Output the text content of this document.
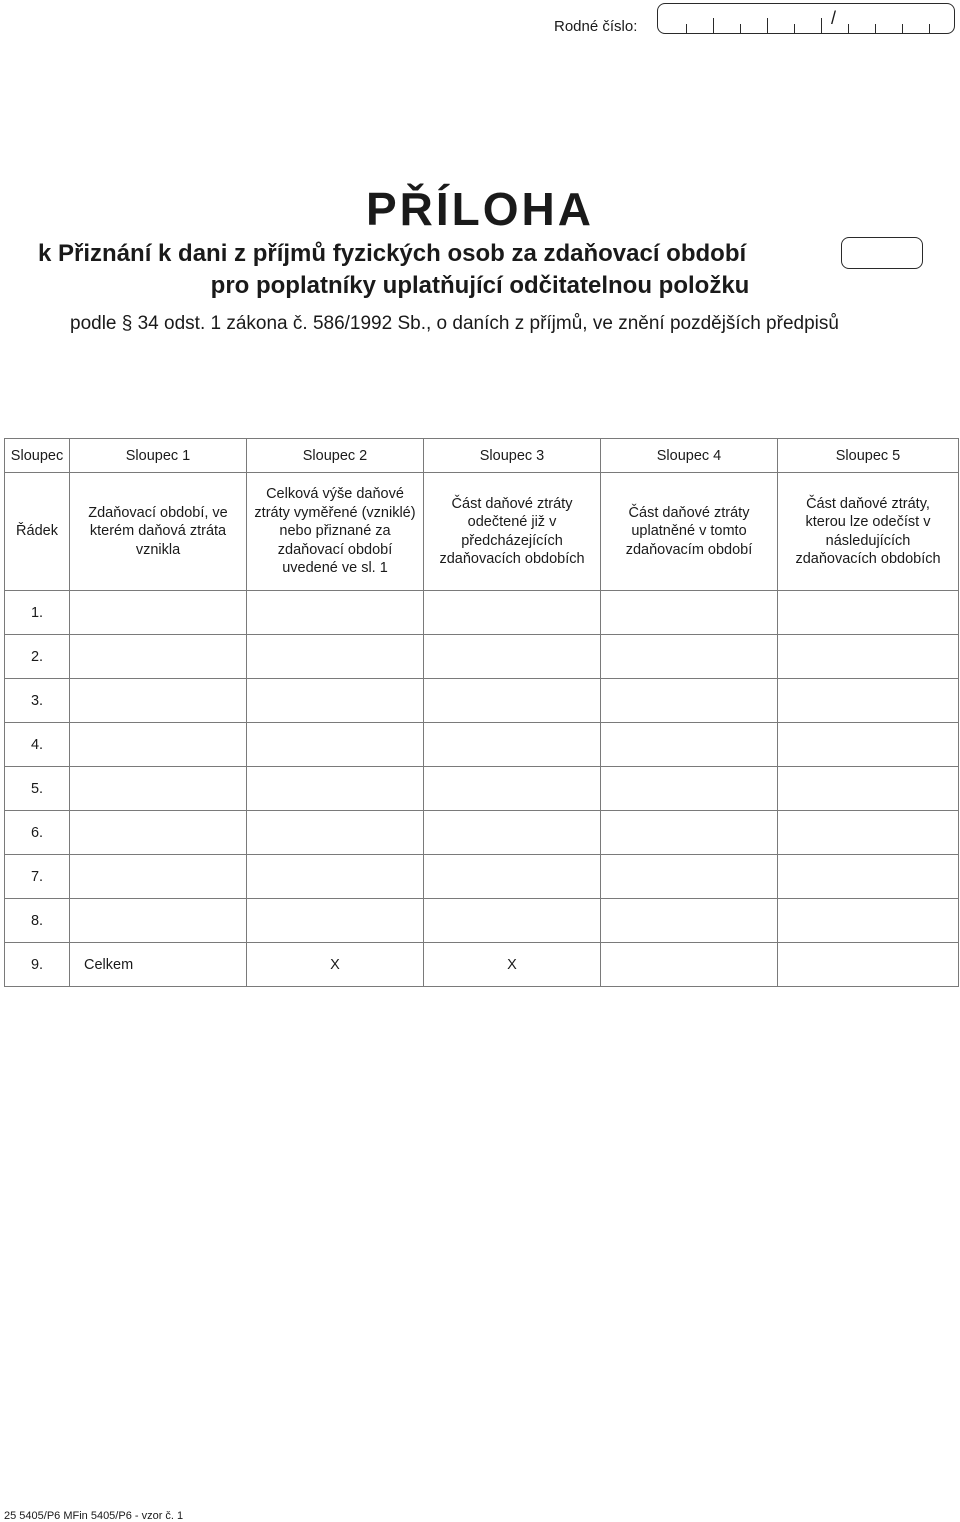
Rodné číslo:	/
PŘÍLOHA
k Přiznání k dani z příjmů fyzických osob za zdaňovací období
pro poplatníky uplatňující odčitatelnou položku
podle § 34 odst. 1 zákona č. 586/1992 Sb., o daních z příjmů, ve znění pozdějších předpisů
Sloupec	Sloupec 1	Sloupec 2	Sloupec 3	Sloupec 4	Sloupec 5
Řádek	Zdaňovací období, ve kterém daňová ztráta vznikla	Celková výše daňové ztráty vyměřené (vzniklé) nebo přiznané za zdaňovací období uvedené ve sl. 1	Část daňové ztráty odečtené již v předcházejících zdaňovacích obdobích	Část daňové ztráty uplatněné v tomto zdaňovacím období	Část daňové ztráty, kterou lze odečíst v následujících zdaňovacích obdobích
1.					
2.					
3.					
4.					
5.					
6.					
7.					
8.					
9.	Celkem	X	X		
25 5405/P6 MFin 5405/P6 - vzor č. 1
